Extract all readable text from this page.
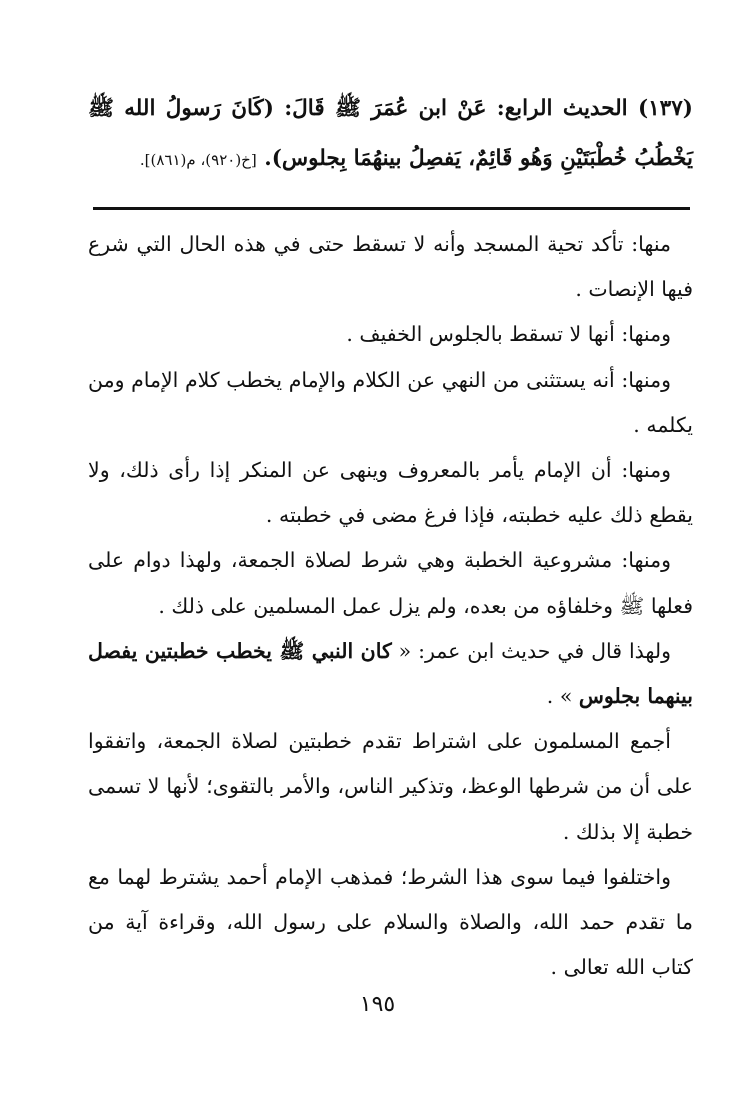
(١٣٧) الحديث الرابع: عَنْ ابن عُمَرَ ﷺ قَالَ: (كَانَ رَسولُ الله ﷺ يَخْطُبُ خُطْبَتَيْنِ وَهُو قَائِمٌ، يَفصِلُ بينهُمَا بِجلوس). [خ(٩٢٠)، م(٨٦١)].

منها: تأكد تحية المسجد وأنه لا تسقط حتى في هذه الحال التي شرع فيها الإنصات .

ومنها: أنها لا تسقط بالجلوس الخفيف .

ومنها: أنه يستثنى من النهي عن الكلام والإمام يخطب كلام الإمام ومن يكلمه .

ومنها: أن الإمام يأمر بالمعروف وينهى عن المنكر إذا رأى ذلك، ولا يقطع ذلك عليه خطبته، فإذا فرغ مضى في خطبته .

ومنها: مشروعية الخطبة وهي شرط لصلاة الجمعة، ولهذا دوام على فعلها ﷺ وخلفاؤه من بعده، ولم يزل عمل المسلمين على ذلك .

ولهذا قال في حديث ابن عمر: « كان النبي ﷺ يخطب خطبتين يفصل بينهما بجلوس » .

أجمع المسلمون على اشتراط تقدم خطبتين لصلاة الجمعة، واتفقوا على أن من شرطها الوعظ، وتذكير الناس، والأمر بالتقوى؛ لأنها لا تسمى خطبة إلا بذلك .

واختلفوا فيما سوى هذا الشرط؛ فمذهب الإمام أحمد يشترط لهما مع ما تقدم حمد الله، والصلاة والسلام على رسول الله، وقراءة آية من كتاب الله تعالى .

١٩٥
